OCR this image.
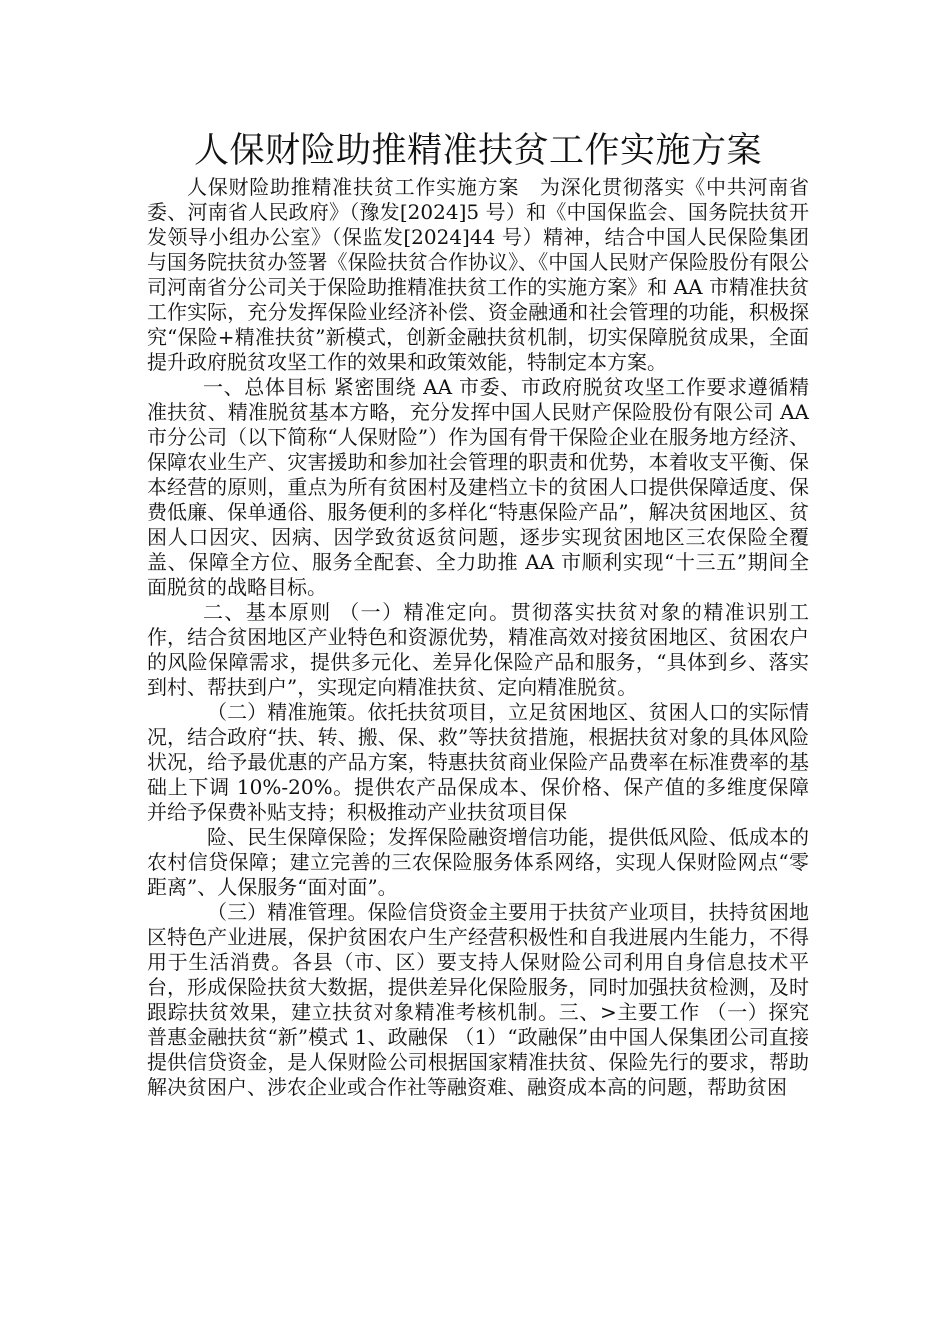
人保财险助推精准扶贫工作实施方案

人保财险助推精准扶贫工作实施方案　为深化贯彻落实《中共河南省委、河南省人民政府》（豫发[2024]5 号）和《中国保监会、国务院扶贫开发领导小组办公室》（保监发[2024]44 号）精神，结合中国人民保险集团与国务院扶贫办签署《保险扶贫合作协议》、《中国人民财产保险股份有限公司河南省分公司关于保险助推精准扶贫工作的实施方案》和 AA 市精准扶贫工作实际，充分发挥保险业经济补偿、资金融通和社会管理的功能，积极探究“保险+精准扶贫”新模式，创新金融扶贫机制，切实保障脱贫成果，全面提升政府脱贫攻坚工作的效果和政策效能，特制定本方案。

一、总体目标 紧密围绕 AA 市委、市政府脱贫攻坚工作要求遵循精准扶贫、精准脱贫基本方略，充分发挥中国人民财产保险股份有限公司 AA 市分公司（以下简称“人保财险”）作为国有骨干保险企业在服务地方经济、保障农业生产、灾害援助和参加社会管理的职责和优势，本着收支平衡、保本经营的原则，重点为所有贫困村及建档立卡的贫困人口提供保障适度、保费低廉、保单通俗、服务便利的多样化“特惠保险产品”，解决贫困地区、贫困人口因灾、因病、因学致贫返贫问题，逐步实现贫困地区三农保险全覆盖、保障全方位、服务全配套、全力助推 AA 市顺利实现“十三五”期间全面脱贫的战略目标。

二、基本原则 （一）精准定向。贯彻落实扶贫对象的精准识别工作，结合贫困地区产业特色和资源优势，精准高效对接贫困地区、贫困农户的风险保障需求，提供多元化、差异化保险产品和服务，“具体到乡、落实到村、帮扶到户”，实现定向精准扶贫、定向精准脱贫。

（二）精准施策。依托扶贫项目，立足贫困地区、贫困人口的实际情况，结合政府“扶、转、搬、保、救”等扶贫措施，根据扶贫对象的具体风险状况，给予最优惠的产品方案，特惠扶贫商业保险产品费率在标准费率的基础上下调 10%-20%。提供农产品保成本、保价格、保产值的多维度保障并给予保费补贴支持；积极推动产业扶贫项目保

险、民生保障保险；发挥保险融资增信功能，提供低风险、低成本的农村信贷保障；建立完善的三农保险服务体系网络，实现人保财险网点“零距离”、人保服务“面对面”。

（三）精准管理。保险信贷资金主要用于扶贫产业项目，扶持贫困地区特色产业进展，保护贫困农户生产经营积极性和自我进展内生能力，不得用于生活消费。各县（市、区）要支持人保财险公司利用自身信息技术平台，形成保险扶贫大数据，提供差异化保险服务，同时加强扶贫检测，及时跟踪扶贫效果，建立扶贫对象精准考核机制。三、>主要工作 （一）探究普惠金融扶贫“新”模式 1、政融保 （1）“政融保”由中国人保集团公司直接提供信贷资金，是人保财险公司根据国家精准扶贫、保险先行的要求，帮助解决贫困户、涉农企业或合作社等融资难、融资成本高的问题，帮助贫困
